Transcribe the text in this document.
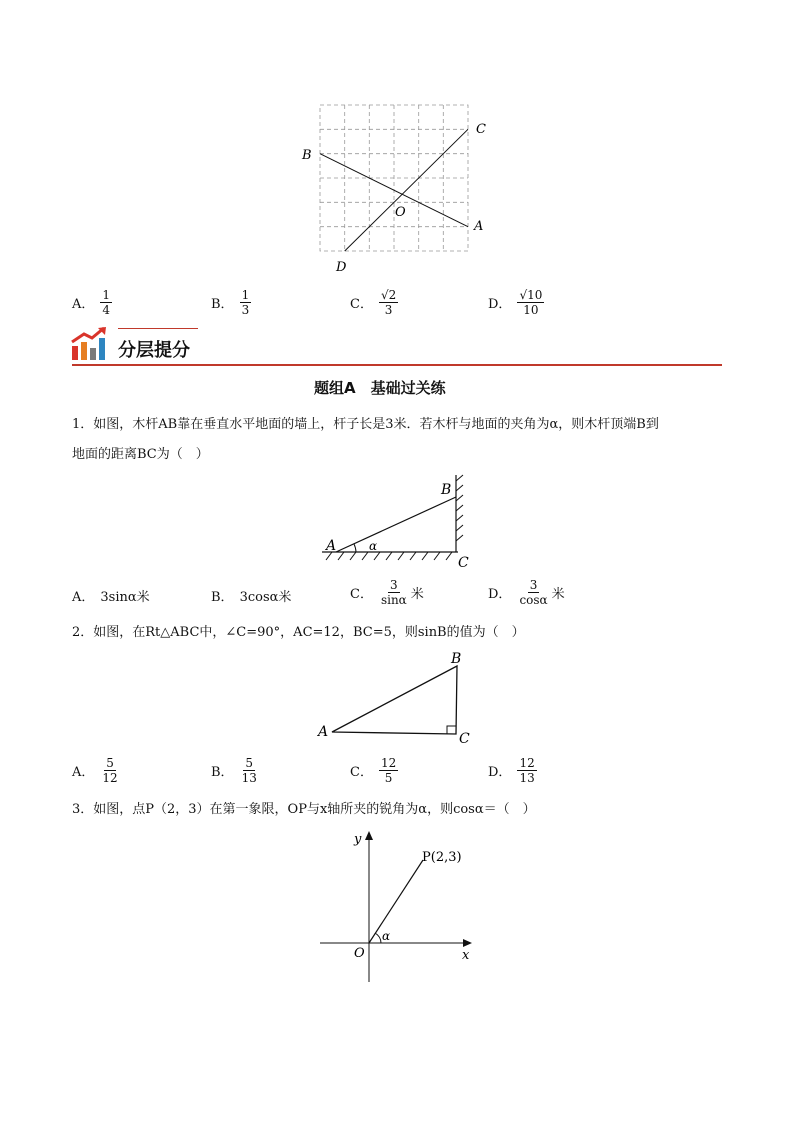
B
C
O
A
D
A． $\frac{1}{4}$	B． $\frac{1}{3}$	C． $\frac{√2}{3}$	D． $\frac{√10}{10}$
分层提分
题组A　基础过关练
1．如图，木杆AB靠在垂直水平地面的墙上，杆子长是3米．若木杆与地面的夹角为α，则木杆顶端B到
地面的距离BC为（　）
A
B
C
α
A． 3sinα米	B． 3cosα米	C． $\frac{3}{\sin\alpha}$ 米	D． $\frac{3}{\cos\alpha}$ 米
2．如图，在Rt△ABC中，∠C=90°，AC=12，BC=5，则sinB的值为（　）
A
B
C
A． $\frac{5}{12}$	B． $\frac{5}{13}$	C． $\frac{12}{5}$	D． $\frac{12}{13}$
3．如图，点P（2，3）在第一象限，OP与x轴所夹的锐角为α，则cosα＝（　）
y
x
O
P(2,3)
α
